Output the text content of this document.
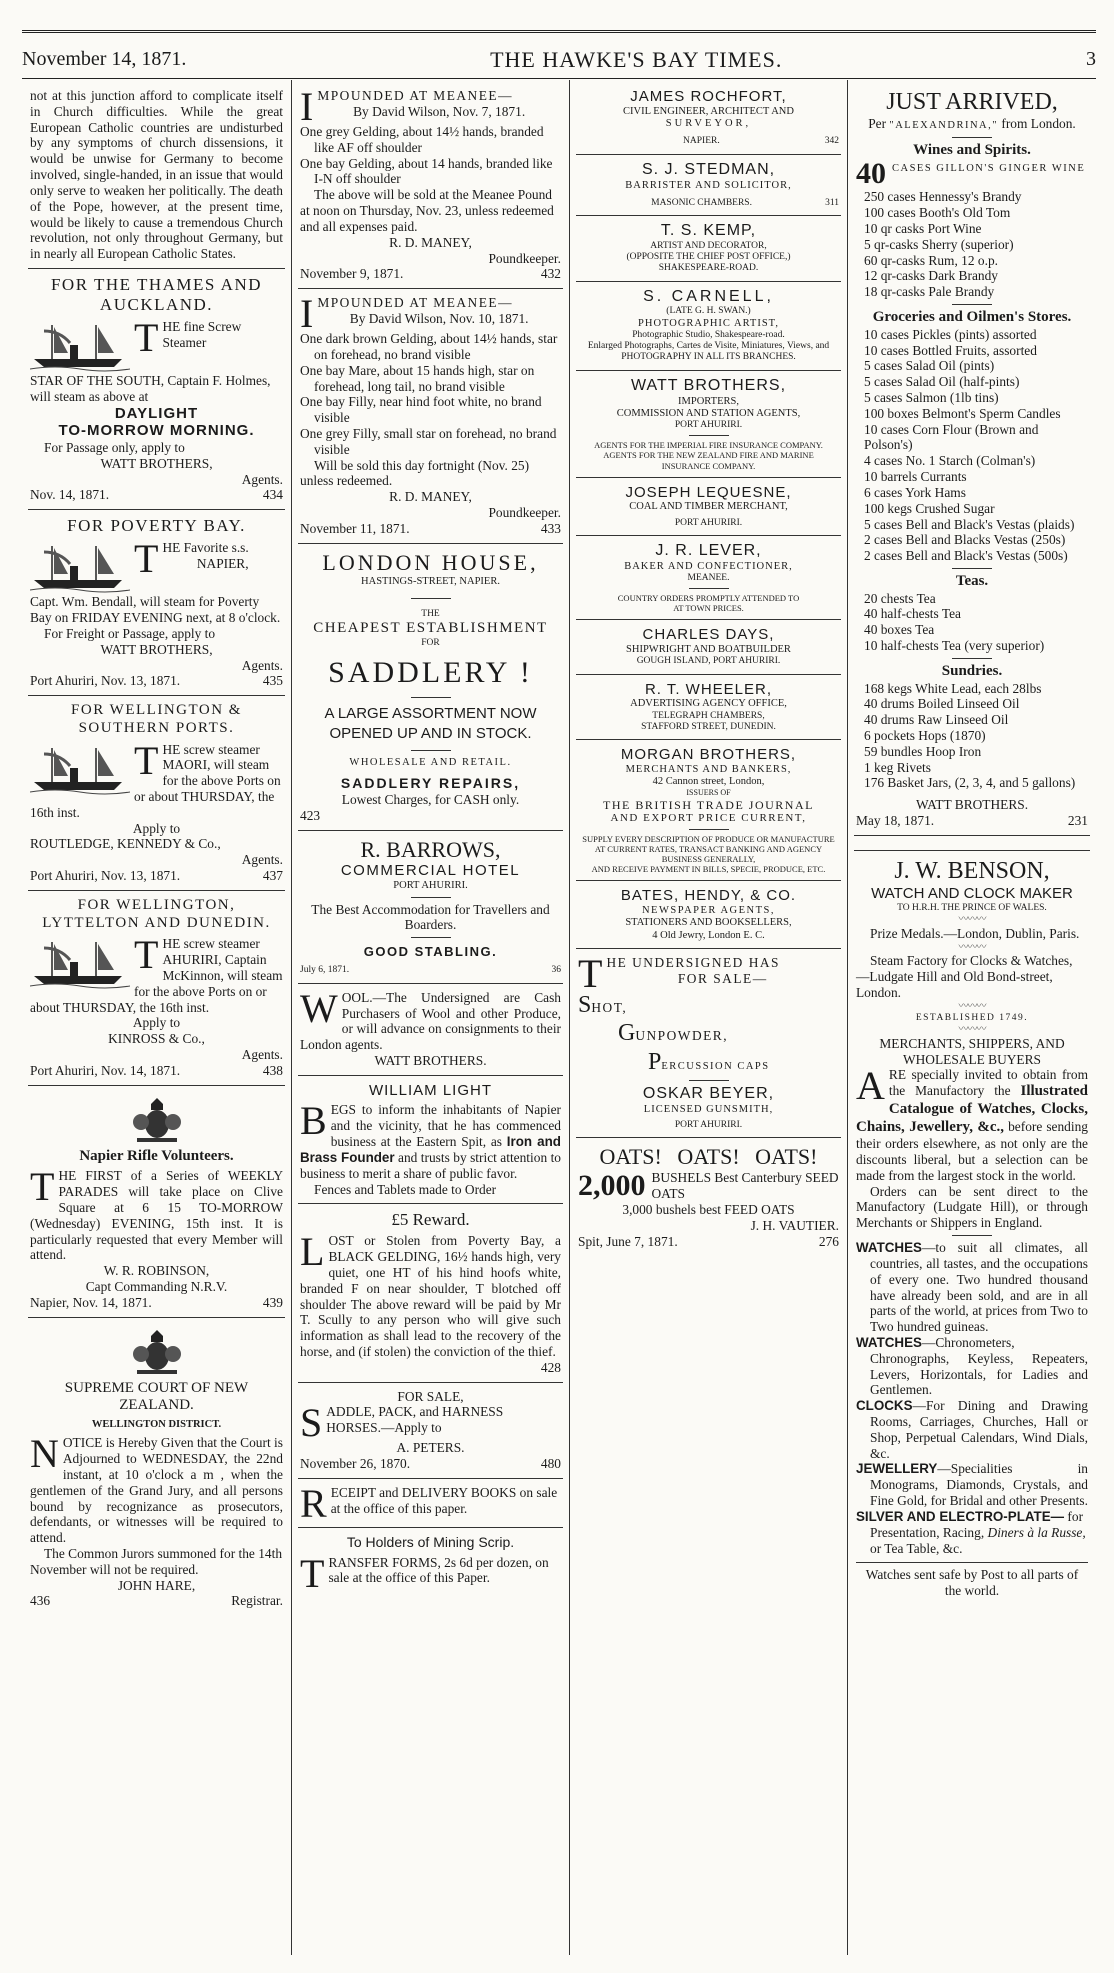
November 14, 1871.	THE HAWKE'S BAY TIMES.	3
not at this junction afford to complicate itself in Church difficulties. While the great European Catholic countries are undisturbed by any symptoms of church dissensions, it would be unwise for Germany to become involved, single-handed, in an issue that would only serve to weaken her politically. The death of the Pope, however, at the present time, would be likely to cause a tremendous Church revolution, not only throughout Germany, but in nearly all European Catholic States.
FOR THE THAMES AND AUCKLAND.
T HE fine Screw Steamer
STAR OF THE SOUTH, Captain F. Holmes, will steam as above at
DAYLIGHT
TO-MORROW MORNING.
For Passage only, apply to
WATT BROTHERS,
Agents.
Nov. 14, 1871.	434
FOR POVERTY BAY.
T HE Favorite s.s.

NAPIER,
Capt. Wm. Bendall, will steam for Poverty Bay on FRIDAY EVENING next, at 8 o'clock.
For Freight or Passage, apply to
WATT BROTHERS,
Agents.
Port Ahuriri, Nov. 13, 1871.	435
FOR WELLINGTON & SOUTHERN PORTS.
T HE screw steamer MAORI, will steam for the above Ports on or about THURSDAY, the 16th inst.
Apply to
ROUTLEDGE, KENNEDY & Co.,
Agents.
Port Ahuriri, Nov. 13, 1871.	437
FOR WELLINGTON, LYTTELTON AND DUNEDIN.
T HE screw steamer AHURIRI, Captain McKinnon, will steam for the above Ports on or about THURSDAY, the 16th inst.
Apply to
KINROSS & Co.,
Agents.
Port Ahuriri, Nov. 14, 1871.	438
Napier Rifle Volunteers.
THE FIRST of a Series of WEEKLY PARADES will take place on Clive Square at 6 15 TO-MORROW (Wednesday) EVENING, 15th inst. It is particularly requested that every Member will attend.
W. R. ROBINSON,
Capt Commanding N.R.V.
Napier, Nov. 14, 1871.	439
SUPREME COURT OF NEW ZEALAND.
WELLINGTON DISTRICT.
NOTICE is Hereby Given that the Court is Adjourned to WEDNESDAY, the 22nd instant, at 10 o'clock a m , when the gentlemen of the Grand Jury, and all persons bound by recognizance as prosecutors, defendants, or witnesses will be required to attend.
The Common Jurors summoned for the 14th November will not be required.
JOHN HARE,
436	Registrar.
IMPOUNDED AT MEANEE—
By David Wilson, Nov. 7, 1871.
One grey Gelding, about 14½ hands, branded like AF off shoulder
One bay Gelding, about 14 hands, branded like I-N off shoulder
The above will be sold at the Meanee Pound at noon on Thursday, Nov. 23, unless redeemed and all expenses paid.
R. D. MANEY,
Poundkeeper.
November 9, 1871.	432
IMPOUNDED AT MEANEE—
By David Wilson, Nov. 10, 1871.
One dark brown Gelding, about 14½ hands, star on forehead, no brand visible
One bay Mare, about 15 hands high, star on forehead, long tail, no brand visible
One bay Filly, near hind foot white, no brand visible
One grey Filly, small star on forehead, no brand visible
Will be sold this day fortnight (Nov. 25) unless redeemed.
R. D. MANEY,
Poundkeeper.
November 11, 1871.	433
LONDON HOUSE,
HASTINGS-STREET, NAPIER.
THE
CHEAPEST ESTABLISHMENT
FOR
SADDLERY !
A LARGE ASSORTMENT NOW OPENED UP AND IN STOCK.
WHOLESALE AND RETAIL.
SADDLERY REPAIRS,
Lowest Charges, for CASH only.
423
R. BARROWS,
COMMERCIAL HOTEL
PORT AHURIRI.
The Best Accommodation for Travellers and Boarders.
GOOD STABLING.
July 6, 1871.	36
WOOL.—The Undersigned are Cash Purchasers of Wool and other Produce, or will advance on consignments to their London agents.
WATT BROTHERS.
WILLIAM LIGHT
BEGS to inform the inhabitants of Napier and the vicinity, that he has commenced business at the Eastern Spit, as Iron and Brass Founder and trusts by strict attention to business to merit a share of public favor.
Fences and Tablets made to Order
£5 Reward.
LOST or Stolen from Poverty Bay, a BLACK GELDING, 16½ hands high, very quiet, one HT of his hind hoofs white, branded F on near shoulder, T blotched off shoulder The above reward will be paid by Mr T. Scully to any person who will give such information as shall lead to the recovery of the horse, and (if stolen) the conviction of the thief.
428
FOR SALE,
SADDLE, PACK, and HARNESS HORSES.—Apply to
A. PETERS.
November 26, 1870.	480
RECEIPT and DELIVERY BOOKS on sale at the office of this paper.
To Holders of Mining Scrip.
TRANSFER FORMS, 2s 6d per dozen, on sale at the office of this Paper.
JAMES ROCHFORT,
CIVIL ENGINEER, ARCHITECT AND
SURVEYOR,
NAPIER.	342
S. J. STEDMAN,
BARRISTER AND SOLICITOR,
MASONIC CHAMBERS.	311
T. S. KEMP,
ARTIST AND DECORATOR,
(OPPOSITE THE CHIEF POST OFFICE,)
SHAKESPEARE-ROAD.
S. CARNELL,
(LATE G. H. SWAN.)
PHOTOGRAPHIC ARTIST,
Photographic Studio, Shakespeare-road.
Enlarged Photographs, Cartes de Visite, Miniatures, Views, and
PHOTOGRAPHY IN ALL ITS BRANCHES.
WATT BROTHERS,
IMPORTERS,
COMMISSION AND STATION AGENTS,
PORT AHURIRI.
AGENTS FOR THE IMPERIAL FIRE INSURANCE COMPANY.
AGENTS FOR THE NEW ZEALAND FIRE AND MARINE INSURANCE COMPANY.
JOSEPH LEQUESNE,
COAL AND TIMBER MERCHANT,
PORT AHURIRI.
J. R. LEVER,
BAKER AND CONFECTIONER,
MEANEE.
COUNTRY ORDERS PROMPTLY ATTENDED TO
AT TOWN PRICES.
CHARLES DAYS,
SHIPWRIGHT AND BOATBUILDER
GOUGH ISLAND, PORT AHURIRI.
R. T. WHEELER,
ADVERTISING AGENCY OFFICE,
TELEGRAPH CHAMBERS,
STAFFORD STREET, DUNEDIN.
MORGAN BROTHERS,
MERCHANTS AND BANKERS,
42 Cannon street, London,
ISSUERS OF
THE BRITISH TRADE JOURNAL
AND EXPORT PRICE CURRENT,
SUPPLY EVERY DESCRIPTION OF PRODUCE OR MANUFACTURE AT CURRENT RATES, TRANSACT BANKING AND AGENCY BUSINESS GENERALLY,
AND RECEIVE PAYMENT IN BILLS, SPECIE, PRODUCE, ETC.
BATES, HENDY, & CO.
NEWSPAPER AGENTS,
STATIONERS AND BOOKSELLERS,
4 Old Jewry, London E. C.
THE UNDERSIGNED HAS
FOR SALE—
SHOT,
GUNPOWDER,
PERCUSSION CAPS
OSKAR BEYER,
LICENSED GUNSMITH,
PORT AHURIRI.
OATS! OATS! OATS!
2,000 BUSHELS Best Canterbury SEED OATS
3,000 bushels best FEED OATS
J. H. VAUTIER.
Spit, June 7, 1871.	276
JUST ARRIVED,
Per "ALEXANDRINA," from London.
Wines and Spirits.
40 CASES GILLON'S GINGER WINE
250 cases Hennessy's Brandy
100 cases Booth's Old Tom
10 qr casks Port Wine
5 qr-casks Sherry (superior)
60 qr-casks Rum, 12 o.p.
12 qr-casks Dark Brandy
18 qr-casks Pale Brandy
Groceries and Oilmen's Stores.
10 cases Pickles (pints) assorted
10 cases Bottled Fruits, assorted
5 cases Salad Oil (pints)
5 cases Salad Oil (half-pints)
5 cases Salmon (1lb tins)
100 boxes Belmont's Sperm Candles
10 cases Corn Flour (Brown and Polson's)
4 cases No. 1 Starch (Colman's)
10 barrels Currants
6 cases York Hams
100 kegs Crushed Sugar
5 cases Bell and Black's Vestas (plaids)
2 cases Bell and Blacks Vestas (250s)
2 cases Bell and Black's Vestas (500s)
Teas.
20 chests Tea
40 half-chests Tea
40 boxes Tea
10 half-chests Tea (very superior)
Sundries.
168 kegs White Lead, each 28lbs
40 drums Boiled Linseed Oil
40 drums Raw Linseed Oil
6 pockets Hops (1870)
59 bundles Hoop Iron
1 keg Rivets
176 Basket Jars, (2, 3, 4, and 5 gallons)
WATT BROTHERS.
May 18, 1871.	231
J. W. BENSON,
WATCH AND CLOCK MAKER
TO H.R.H. THE PRINCE OF WALES.
〰〰〰
Prize Medals.—London, Dublin, Paris.
〰〰〰
Steam Factory for Clocks & Watches, —Ludgate Hill and Old Bond-street, London.
〰〰〰
ESTABLISHED 1749.
〰〰〰
MERCHANTS, SHIPPERS, AND WHOLESALE BUYERS
ARE specially invited to obtain from the Manufactory the Illustrated Catalogue of Watches, Clocks, Chains, Jewellery, &c., before sending their orders elsewhere, as not only are the discounts liberal, but a selection can be made from the largest stock in the world.
Orders can be sent direct to the Manufactory (Ludgate Hill), or through Merchants or Shippers in England.
WATCHES—to suit all climates, all countries, all tastes, and the occupations of every one. Two hundred thousand have already been sold, and are in all parts of the world, at prices from Two to Two hundred guineas.
WATCHES—Chronometers, Chronographs, Keyless, Repeaters, Levers, Horizontals, for Ladies and Gentlemen.
CLOCKS—For Dining and Drawing Rooms, Carriages, Churches, Hall or Shop, Perpetual Calendars, Wind Dials, &c.
JEWELLERY—Specialities in Monograms, Diamonds, Crystals, and Fine Gold, for Bridal and other Presents.
SILVER AND ELECTRO-PLATE— for Presentation, Racing, Diners à la Russe, or Tea Table, &c.
Watches sent safe by Post to all parts of the world.
